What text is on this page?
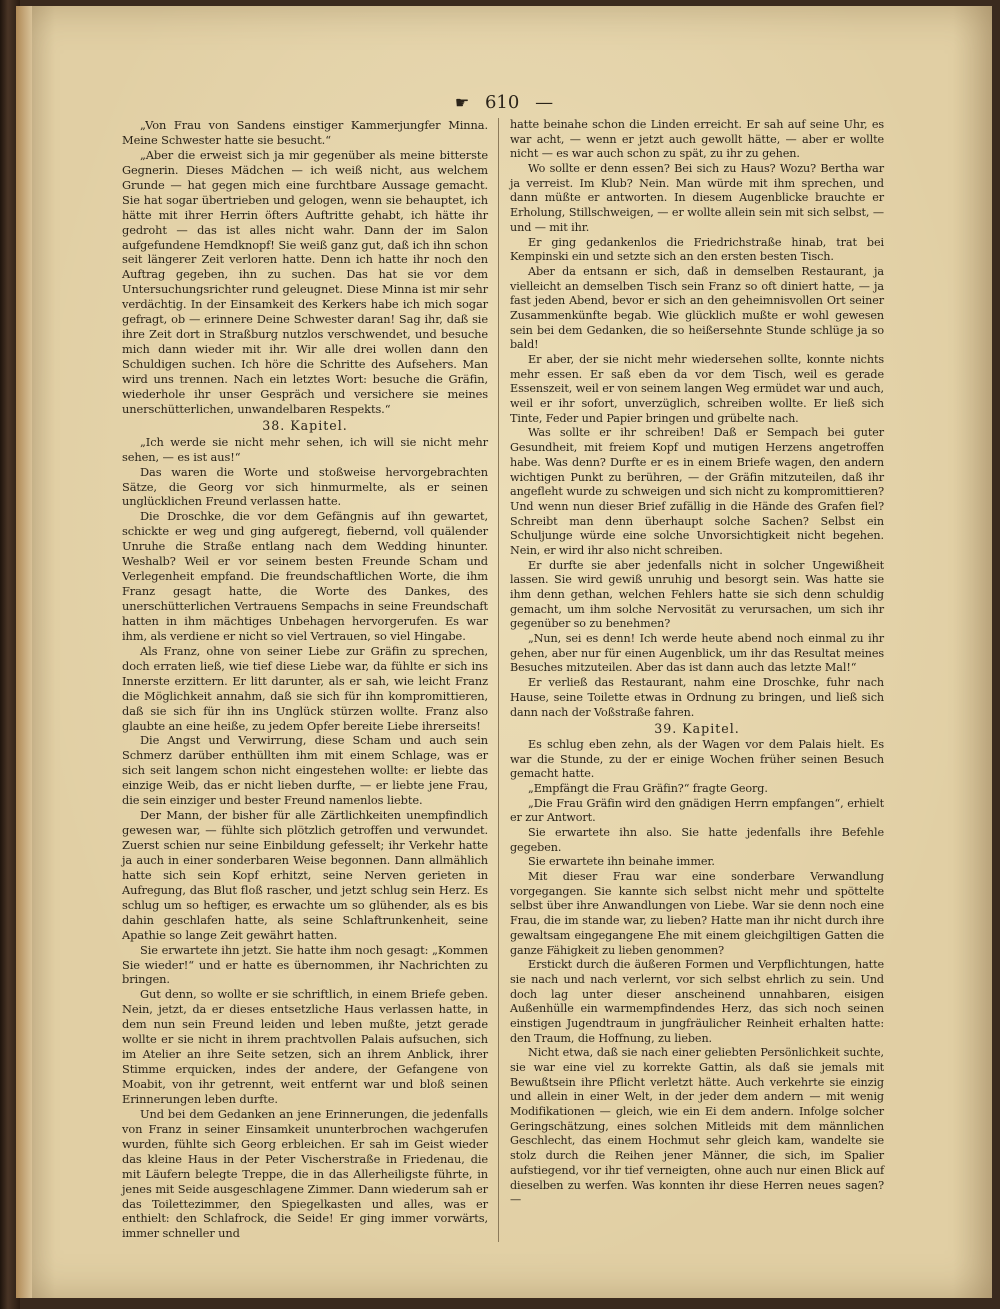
☛ 610 —

„Von Frau von Sandens einstiger Kammerjungfer Minna. Meine Schwester hatte sie besucht.“

„Aber die erweist sich ja mir gegenüber als meine bitterste Gegnerin. Dieses Mädchen — ich weiß nicht, aus welchem Grunde — hat gegen mich eine furchtbare Aussage gemacht. Sie hat sogar übertrieben und gelogen, wenn sie behauptet, ich hätte mit ihrer Herrin öfters Auftritte gehabt, ich hätte ihr gedroht — das ist alles nicht wahr. Dann der im Salon aufgefundene Hemdknopf! Sie weiß ganz gut, daß ich ihn schon seit längerer Zeit verloren hatte. Denn ich hatte ihr noch den Auftrag gegeben, ihn zu suchen. Das hat sie vor dem Untersuchungsrichter rund geleugnet. Diese Minna ist mir sehr verdächtig. In der Einsamkeit des Kerkers habe ich mich sogar gefragt, ob — erinnere Deine Schwester daran! Sag ihr, daß sie ihre Zeit dort in Straßburg nutzlos verschwendet, und besuche mich dann wieder mit ihr. Wir alle drei wollen dann den Schuldigen suchen. Ich höre die Schritte des Aufsehers. Man wird uns trennen. Nach ein letztes Wort: besuche die Gräfin, wiederhole ihr unser Gespräch und versichere sie meines unerschütterlichen, unwandelbaren Respekts.“

38. Kapitel.

„Ich werde sie nicht mehr sehen, ich will sie nicht mehr sehen, — es ist aus!“

Das waren die Worte und stoßweise hervorgebrachten Sätze, die Georg vor sich hinmurmelte, als er seinen unglücklichen Freund verlassen hatte.

Die Droschke, die vor dem Gefängnis auf ihn gewartet, schickte er weg und ging aufgeregt, fiebernd, voll quälender Unruhe die Straße entlang nach dem Wedding hinunter. Weshalb? Weil er vor seinem besten Freunde Scham und Verlegenheit empfand. Die freundschaftlichen Worte, die ihm Franz gesagt hatte, die Worte des Dankes, des unerschütterlichen Vertrauens Sempachs in seine Freundschaft hatten in ihm mächtiges Unbehagen hervorgerufen. Es war ihm, als verdiene er nicht so viel Vertrauen, so viel Hingabe.

Als Franz, ohne von seiner Liebe zur Gräfin zu sprechen, doch erraten ließ, wie tief diese Liebe war, da fühlte er sich ins Innerste erzittern. Er litt darunter, als er sah, wie leicht Franz die Möglichkeit annahm, daß sie sich für ihn kompromittieren, daß sie sich für ihn ins Unglück stürzen wollte. Franz also glaubte an eine heiße, zu jedem Opfer bereite Liebe ihrerseits!

Die Angst und Verwirrung, diese Scham und auch sein Schmerz darüber enthüllten ihm mit einem Schlage, was er sich seit langem schon nicht eingestehen wollte: er liebte das einzige Weib, das er nicht lieben durfte, — er liebte jene Frau, die sein einziger und bester Freund namenlos liebte.

Der Mann, der bisher für alle Zärtlichkeiten unempfindlich gewesen war, — fühlte sich plötzlich getroffen und verwundet. Zuerst schien nur seine Einbildung gefesselt; ihr Verkehr hatte ja auch in einer sonderbaren Weise begonnen. Dann allmählich hatte sich sein Kopf erhitzt, seine Nerven gerieten in Aufregung, das Blut floß rascher, und jetzt schlug sein Herz. Es schlug um so heftiger, es erwachte um so glühender, als es bis dahin geschlafen hatte, als seine Schlaftrunkenheit, seine Apathie so lange Zeit gewährt hatten.

Sie erwartete ihn jetzt. Sie hatte ihm noch gesagt: „Kommen Sie wieder!“ und er hatte es übernommen, ihr Nachrichten zu bringen.

Gut denn, so wollte er sie schriftlich, in einem Briefe geben. Nein, jetzt, da er dieses entsetzliche Haus verlassen hatte, in dem nun sein Freund leiden und leben mußte, jetzt gerade wollte er sie nicht in ihrem prachtvollen Palais aufsuchen, sich im Atelier an ihre Seite setzen, sich an ihrem Anblick, ihrer Stimme erquicken, indes der andere, der Gefangene von Moabit, von ihr getrennt, weit entfernt war und bloß seinen Erinnerungen leben durfte.

Und bei dem Gedanken an jene Erinnerungen, die jedenfalls von Franz in seiner Einsamkeit ununterbrochen wachgerufen wurden, fühlte sich Georg erbleichen. Er sah im Geist wieder das kleine Haus in der Peter Vischerstraße in Friedenau, die mit Läufern belegte Treppe, die in das Allerheiligste führte, in jenes mit Seide ausgeschlagene Zimmer. Dann wiederum sah er das Toilettezimmer, den Spiegelkasten und alles, was er enthielt: den Schlafrock, die Seide! Er ging immer vorwärts, immer schneller und

hatte beinahe schon die Linden erreicht. Er sah auf seine Uhr, es war acht, — wenn er jetzt auch gewollt hätte, — aber er wollte nicht — es war auch schon zu spät, zu ihr zu gehen.

Wo sollte er denn essen? Bei sich zu Haus? Wozu? Bertha war ja verreist. Im Klub? Nein. Man würde mit ihm sprechen, und dann müßte er antworten. In diesem Augenblicke brauchte er Erholung, Stillschweigen, — er wollte allein sein mit sich selbst, — und — mit ihr.

Er ging gedankenlos die Friedrichstraße hinab, trat bei Kempinski ein und setzte sich an den ersten besten Tisch.

Aber da entsann er sich, daß in demselben Restaurant, ja vielleicht an demselben Tisch sein Franz so oft diniert hatte, — ja fast jeden Abend, bevor er sich an den geheimnisvollen Ort seiner Zusammenkünfte begab. Wie glücklich mußte er wohl gewesen sein bei dem Gedanken, die so heißersehnte Stunde schlüge ja so bald!

Er aber, der sie nicht mehr wiedersehen sollte, konnte nichts mehr essen. Er saß eben da vor dem Tisch, weil es gerade Essenszeit, weil er von seinem langen Weg ermüdet war und auch, weil er ihr sofort, unverzüglich, schreiben wollte. Er ließ sich Tinte, Feder und Papier bringen und grübelte nach.

Was sollte er ihr schreiben! Daß er Sempach bei guter Gesundheit, mit freiem Kopf und mutigen Herzens angetroffen habe. Was denn? Durfte er es in einem Briefe wagen, den andern wichtigen Punkt zu berühren, — der Gräfin mitzuteilen, daß ihr angefleht wurde zu schweigen und sich nicht zu kompromittieren? Und wenn nun dieser Brief zufällig in die Hände des Grafen fiel? Schreibt man denn überhaupt solche Sachen? Selbst ein Schuljunge würde eine solche Unvorsichtigkeit nicht begehen. Nein, er wird ihr also nicht schreiben.

Er durfte sie aber jedenfalls nicht in solcher Ungewißheit lassen. Sie wird gewiß unruhig und besorgt sein. Was hatte sie ihm denn gethan, welchen Fehlers hatte sie sich denn schuldig gemacht, um ihm solche Nervosität zu verursachen, um sich ihr gegenüber so zu benehmen?

„Nun, sei es denn! Ich werde heute abend noch einmal zu ihr gehen, aber nur für einen Augenblick, um ihr das Resultat meines Besuches mitzuteilen. Aber das ist dann auch das letzte Mal!“

Er verließ das Restaurant, nahm eine Droschke, fuhr nach Hause, seine Toilette etwas in Ordnung zu bringen, und ließ sich dann nach der Voßstraße fahren.

39. Kapitel.

Es schlug eben zehn, als der Wagen vor dem Palais hielt. Es war die Stunde, zu der er einige Wochen früher seinen Besuch gemacht hatte.

„Empfängt die Frau Gräfin?“ fragte Georg.

„Die Frau Gräfin wird den gnädigen Herrn empfangen“, erhielt er zur Antwort.

Sie erwartete ihn also. Sie hatte jedenfalls ihre Befehle gegeben.

Sie erwartete ihn beinahe immer.

Mit dieser Frau war eine sonderbare Verwandlung vorgegangen. Sie kannte sich selbst nicht mehr und spöttelte selbst über ihre Anwandlungen von Liebe. War sie denn noch eine Frau, die im stande war, zu lieben? Hatte man ihr nicht durch ihre gewaltsam eingegangene Ehe mit einem gleichgiltigen Gatten die ganze Fähigkeit zu lieben genommen?

Erstickt durch die äußeren Formen und Verpflichtungen, hatte sie nach und nach verlernt, vor sich selbst ehrlich zu sein. Und doch lag unter dieser anscheinend unnahbaren, eisigen Außenhülle ein warmempfindendes Herz, das sich noch seinen einstigen Jugendtraum in jungfräulicher Reinheit erhalten hatte: den Traum, die Hoffnung, zu lieben.

Nicht etwa, daß sie nach einer geliebten Persönlichkeit suchte, sie war eine viel zu korrekte Gattin, als daß sie jemals mit Bewußtsein ihre Pflicht verletzt hätte. Auch verkehrte sie einzig und allein in einer Welt, in der jeder dem andern — mit wenig Modifikationen — gleich, wie ein Ei dem andern. Infolge solcher Geringschätzung, eines solchen Mitleids mit dem männlichen Geschlecht, das einem Hochmut sehr gleich kam, wandelte sie stolz durch die Reihen jener Männer, die sich, im Spalier aufstiegend, vor ihr tief verneigten, ohne auch nur einen Blick auf dieselben zu werfen. Was konnten ihr diese Herren neues sagen? —
